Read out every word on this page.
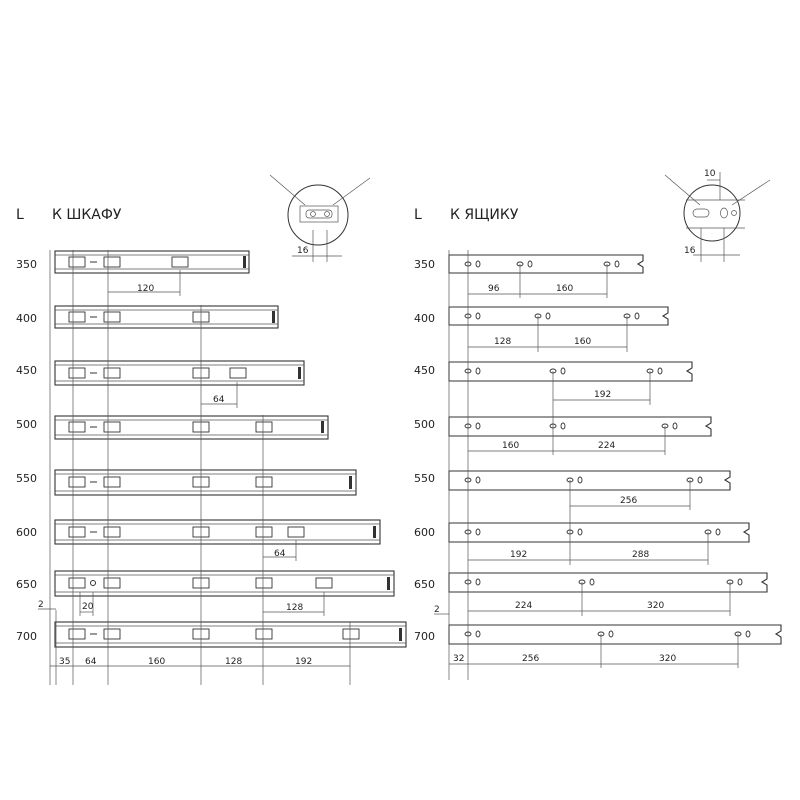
L К ШКАФУ
16
350
400
450
500
550
600
650
700
120
64
64
128
20
2
35 64	160	128	192
L К ЯЩИКУ
10
16
350
400
450
500
550
600
650
700
96	160
128	160
192
160	224
256
192	288
224	320
2
32	256	320
